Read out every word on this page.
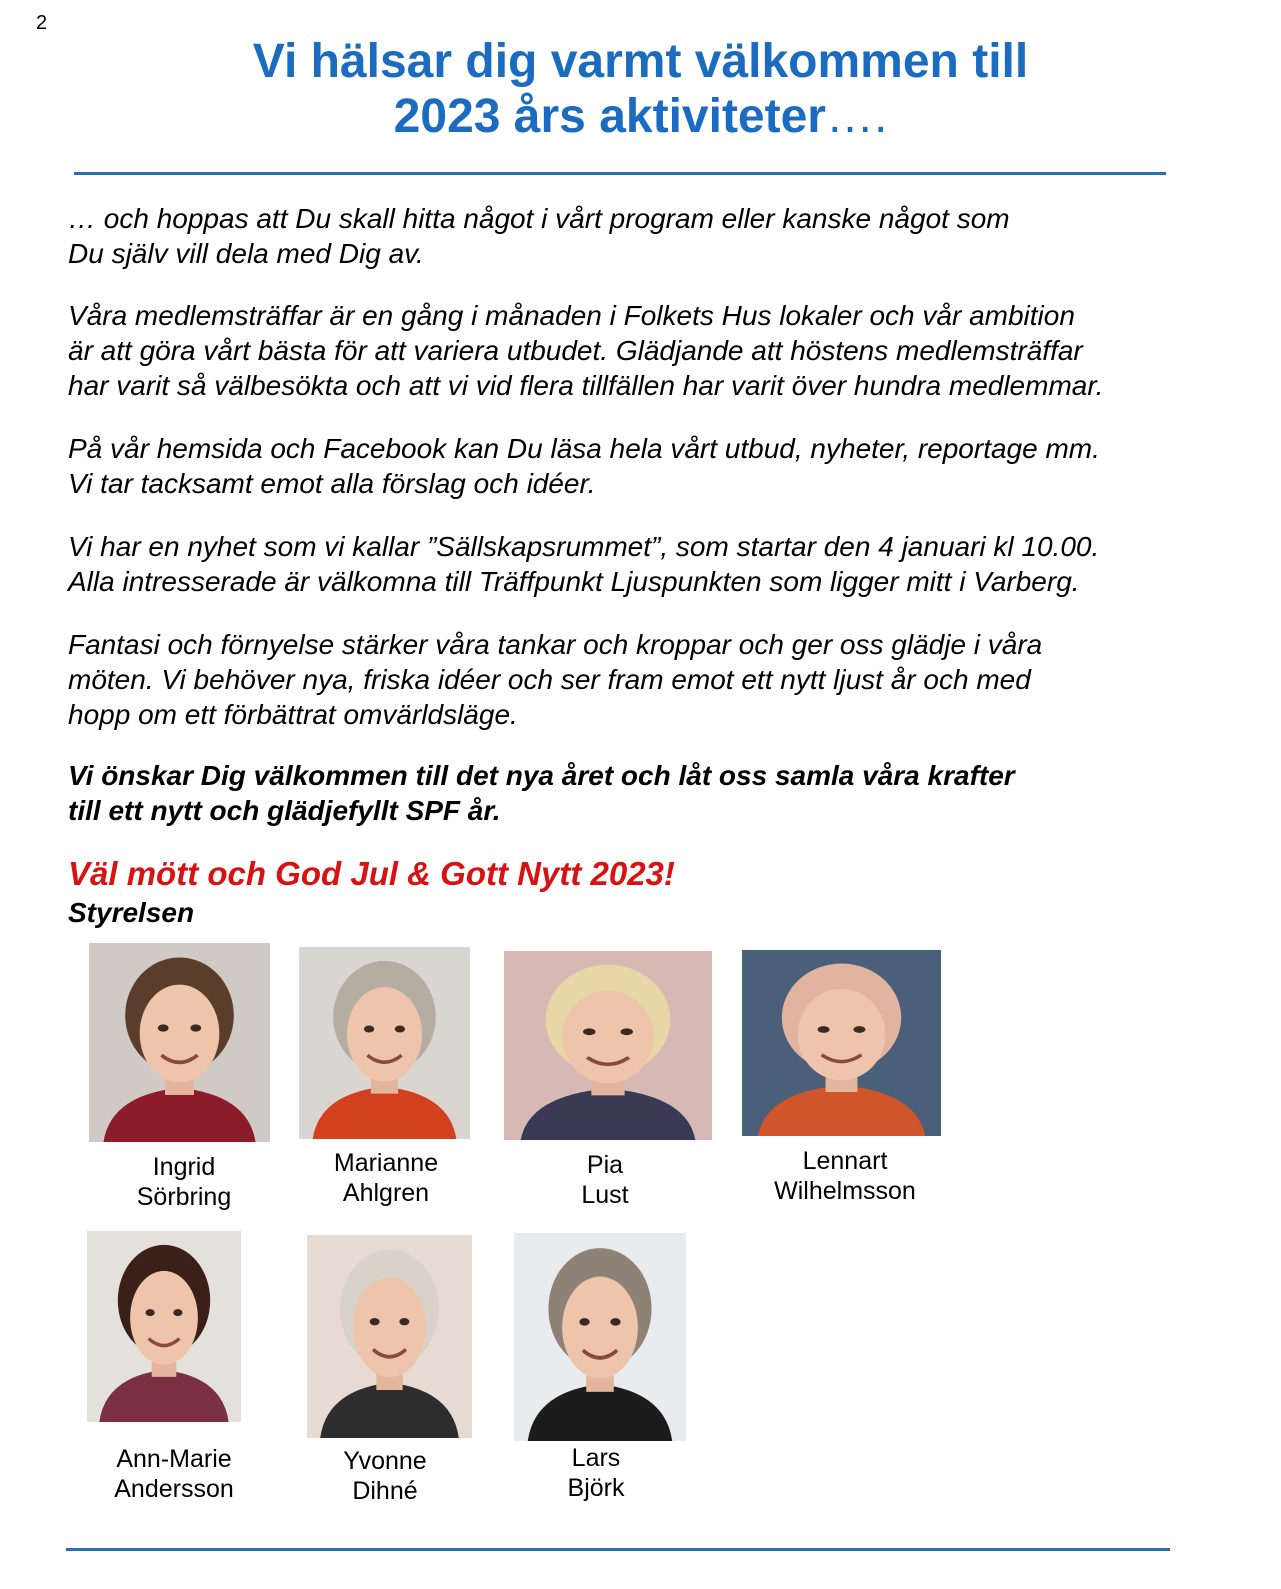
2
Vi hälsar dig varmt välkommen till
2023 års aktiviteter….

… och hoppas att Du skall hitta något i vårt program eller kanske något som
Du själv vill dela med Dig av.

Våra medlemsträffar är en gång i månaden i Folkets Hus lokaler och vår ambition
är att göra vårt bästa för att variera utbudet. Glädjande att höstens medlemsträffar
har varit så välbesökta och att vi vid flera tillfällen har varit över hundra medlemmar.

På vår hemsida och Facebook kan Du läsa hela vårt utbud, nyheter, reportage mm.
Vi tar tacksamt emot alla förslag och idéer.

Vi har en nyhet som vi kallar ”Sällskapsrummet”, som startar den 4 januari kl 10.00.
Alla intresserade är välkomna till Träffpunkt Ljuspunkten som ligger mitt i Varberg.

Fantasi och förnyelse stärker våra tankar och kroppar och ger oss glädje i våra
möten. Vi behöver nya, friska idéer och ser fram emot ett nytt ljust år och med
hopp om ett förbättrat omvärldsläge.

Vi önskar Dig välkommen till det nya året och låt oss samla våra krafter
till ett nytt och glädjefyllt SPF år.

Väl mött och God Jul & Gott Nytt 2023!

Styrelsen

Ingrid
Sörbring
Marianne
Ahlgren
Pia
Lust
Lennart
Wilhelmsson
Ann-Marie
Andersson
Yvonne
Dihné
Lars
Björk
